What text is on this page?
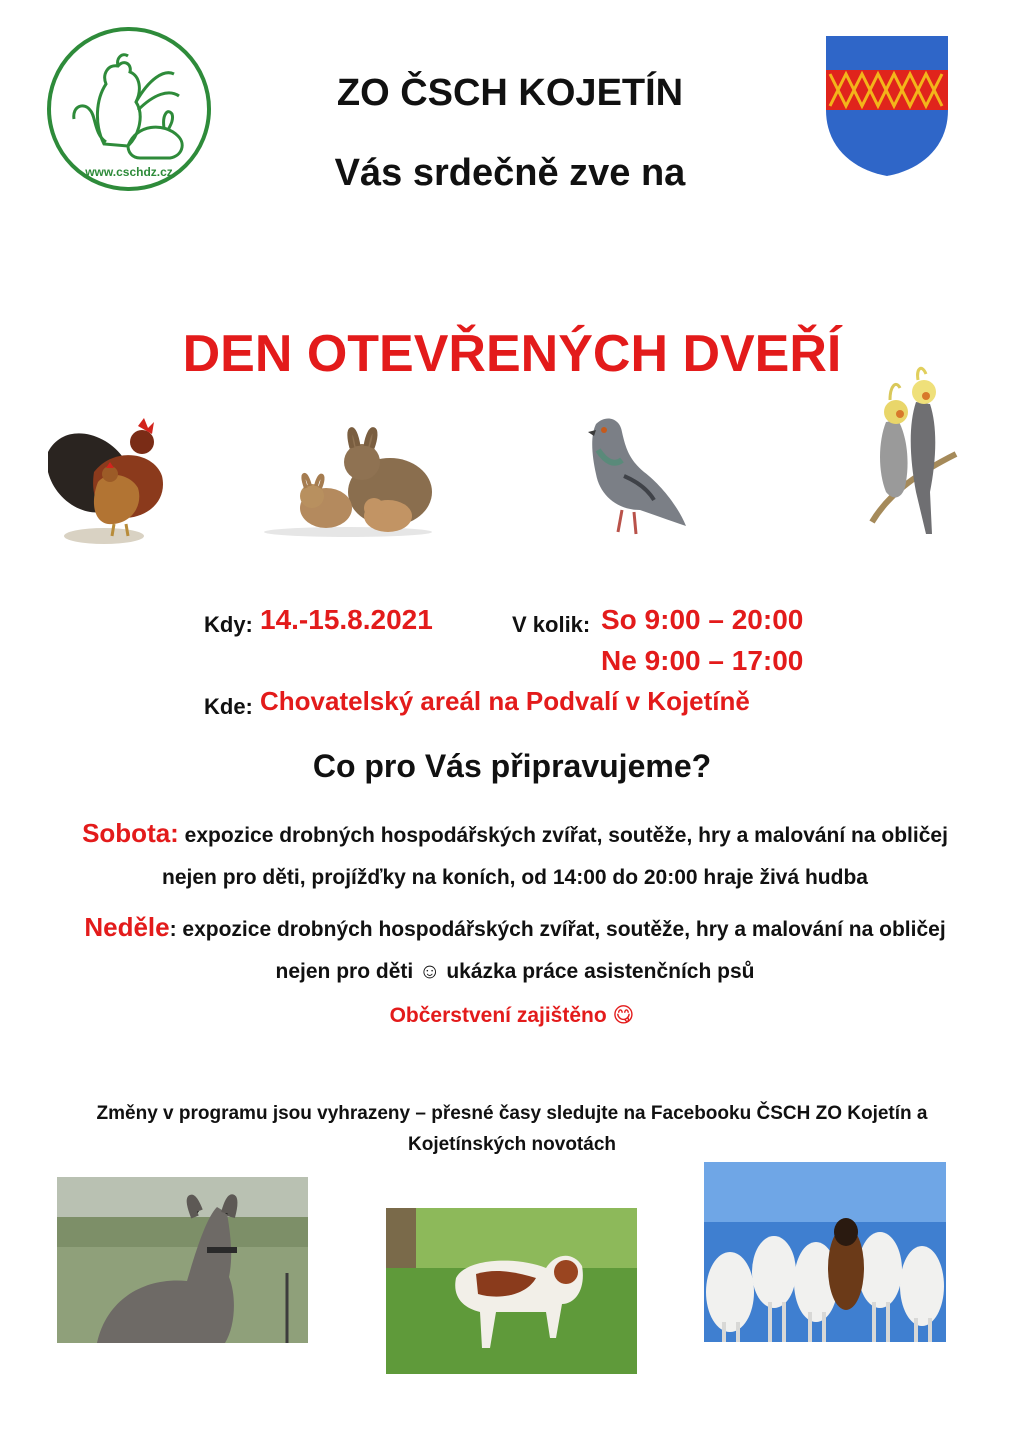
www.cschdz.cz
ZO ČSCH KOJETÍN
Vás srdečně zve na
DEN OTEVŘENÝCH DVEŘÍ
Kdy: 14.-15.8.2021	V kolik: So 9:00 – 20:00
Ne 9:00 – 17:00
Kde: Chovatelský areál na Podvalí v Kojetíně
Co pro Vás připravujeme?
Sobota: expozice drobných hospodářských zvířat, soutěže, hry a malování na obličej
nejen pro děti, projížďky na koních, od 14:00 do 20:00 hraje živá hudba
Neděle: expozice drobných hospodářských zvířat, soutěže, hry a malování na obličej
nejen pro děti ☺ ukázka práce asistenčních psů
Občerstvení zajištěno 😋
Změny v programu jsou vyhrazeny – přesné časy sledujte na Facebooku ČSCH ZO Kojetín a
Kojetínských novotách
